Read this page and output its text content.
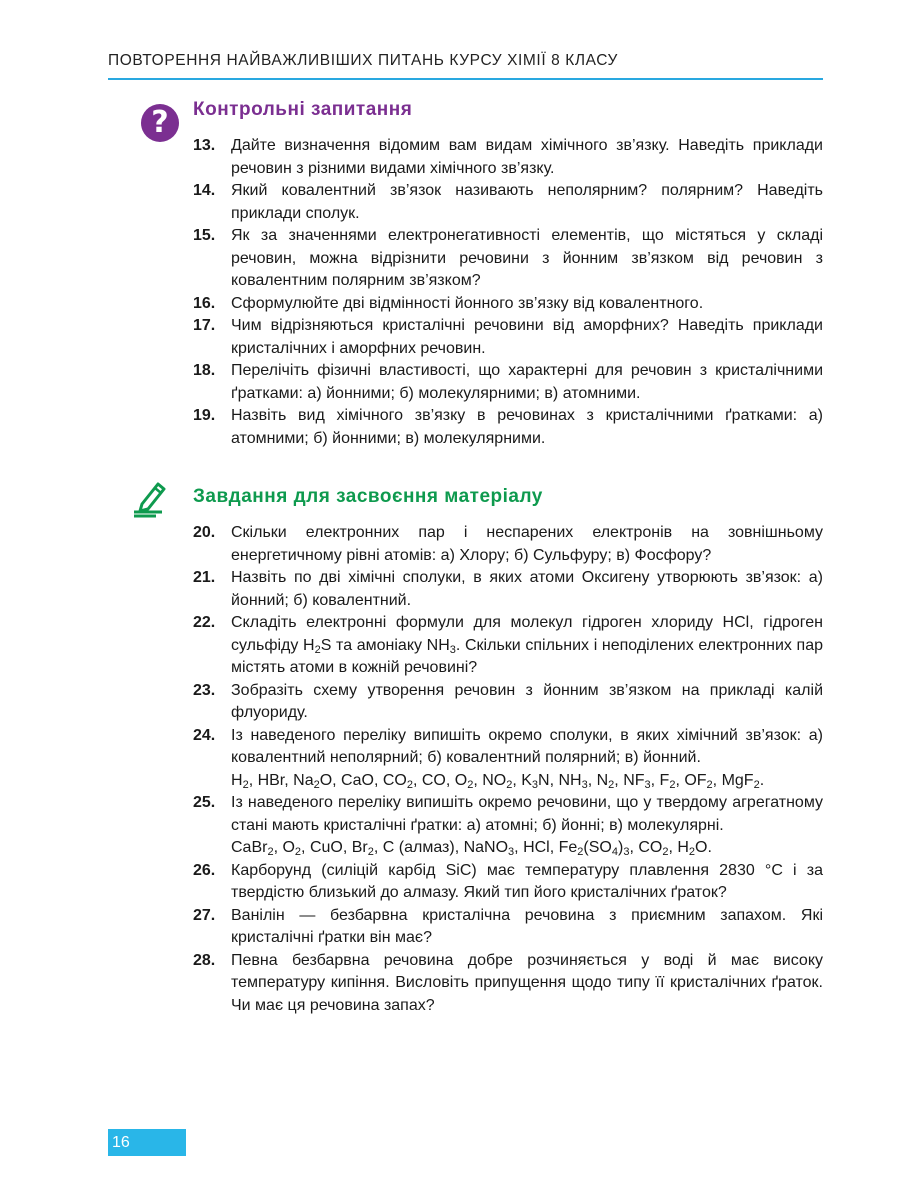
ПОВТОРЕННЯ НАЙВАЖЛИВІШИХ ПИТАНЬ КУРСУ ХІМІЇ 8 КЛАСУ
?	Контрольні запитання
13. Дайте визначення відомим вам видам хімічного зв’язку. Наведіть приклади речовин з різними видами хімічного зв’язку.

14. Який ковалентний зв’язок називають неполярним? полярним? Наведіть приклади сполук.

15. Як за значеннями електронегативності елементів, що містяться у складі речовин, можна відрізнити речовини з йонним зв’язком від речовин з ковалентним полярним зв’язком?

16. Сформулюйте дві відмінності йонного зв’язку від ковалентного.

17. Чим відрізняються кристалічні речовини від аморфних? Наведіть приклади кристалічних і аморфних речовин.

18. Перелічіть фізичні властивості, що характерні для речовин з кристалічними ґратками: а) йонними; б) молекулярними; в) атомними.

19. Назвіть вид хімічного зв’язку в речовинах з кристалічними ґратками: а) атомними; б) йонними; в) молекулярними.

Завдання для засвоєння матеріалу
20. Скільки електронних пар і неспарених електронів на зовнішньому енергетичному рівні атомів: а) Хлору; б) Сульфуру; в) Фосфору?

21. Назвіть по дві хімічні сполуки, в яких атоми Оксигену утворюють зв’язок: а) йонний; б) ковалентний.

22. Складіть електронні формули для молекул гідроген хлориду HCl, гідроген сульфіду $H_2S$ та амоніаку $NH_3$. Скільки спільних і неподілених електронних пар містять атоми в кожній речовині?

23. Зобразіть схему утворення речовин з йонним зв’язком на прикладі калій флуориду.

24. Із наведеного переліку випишіть окремо сполуки, в яких хімічний зв’язок: а) ковалентний неполярний; б) ковалентний полярний; в) йонний.

$H_2$, HBr, $Na_2O$, CaO, $CO_2$, CO, $O_2$, $NO_2$, $K_3N$, $NH_3$, $N_2$, $NF_3$, $F_2$, $OF_2$, MgF$_2$.

25. Із наведеного переліку випишіть окремо речовини, що у твердому агрегатному стані мають кристалічні ґратки: а) атомні; б) йонні; в) молекулярні.

CaBr$_2$, $O_2$, CuO, $Br_2$, C (алмаз), NaNO$_3$, HCl, $Fe_2(SO_4)_3$, $CO_2$, $H_2O$.

26. Карборунд (силіцій карбід SiC) має температуру плавлення 2830 °C і за твердістю близький до алмазу. Який тип його кристалічних ґраток?

27. Ванілін — безбарвна кристалічна речовина з приємним запахом. Які кристалічні ґратки він має?

28. Певна безбарвна речовина добре розчиняється у воді й має високу температуру кипіння. Висловіть припущення щодо типу її кристалічних ґраток. Чи має ця речовина запах?

16
